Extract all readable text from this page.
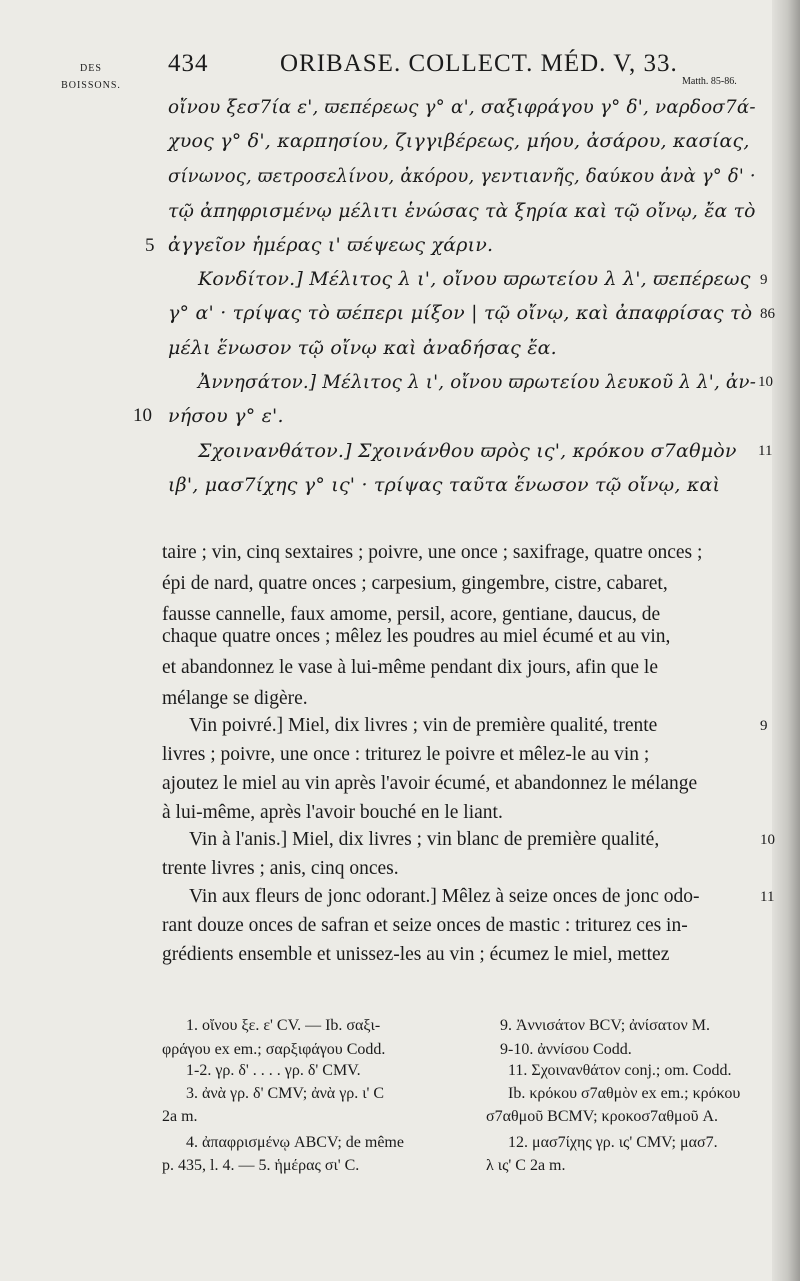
DES
BOISSONS.
434	ORIBASE. COLLECT. MÉD. V, 33.
Matth. 85-86.
οἴνου ξεσ7ία ε', ϖεπέρεως γ° α', σαξιφράγου γ° δ', ναρδοσ7ά-
χυος γ° δ', καρπησίου, ζιγγιβέρεως, μήου, ἀσάρου, κασίας,
σίνωνος, ϖετροσελίνου, ἀκόρου, γεντιανῆς, δαύκου ἀνὰ γ° δ' ·
τῷ ἀπηφρισμένῳ μέλιτι ἑνώσας τὰ ξηρία καὶ τῷ οἴνῳ, ἔα τὸ
ἀγγεῖον ἡμέρας ι' ϖέψεως χάριν.
Κονδίτον.] Μέλιτος λ ι', οἴνου ϖρωτείου λ λ', ϖεπέρεως
γ° α' · τρίψας τὸ ϖέπερι μίξον | τῷ οἴνῳ, καὶ ἀπαφρίσας τὸ
μέλι ἕνωσον τῷ οἴνῳ καὶ ἀναδήσας ἔα.
Ἀννησάτον.] Μέλιτος λ ι', οἴνου ϖρωτείου λευκοῦ λ λ', ἀν-
νήσου γ° ε'.
Σχοινανθάτον.] Σχοινάνθου ϖρὸς ις', κρόκου σ7αθμὸν
ιβ', μασ7ίχης γ° ις' · τρίψας ταῦτα ἕνωσον τῷ οἴνῳ, καὶ
5
10
9
86
10
11
taire ; vin, cinq sextaires ; poivre, une once ; saxifrage, quatre onces ;
épi de nard, quatre onces ; carpesium, gingembre, cistre, cabaret,
fausse cannelle, faux amome, persil, acore, gentiane, daucus, de
chaque quatre onces ; mêlez les poudres au miel écumé et au vin,
et abandonnez le vase à lui-même pendant dix jours, afin que le
mélange se digère.
Vin poivré.] Miel, dix livres ; vin de première qualité, trente
livres ; poivre, une once : triturez le poivre et mêlez-le au vin ;
ajoutez le miel au vin après l'avoir écumé, et abandonnez le mélange
à lui-même, après l'avoir bouché en le liant.
Vin à l'anis.] Miel, dix livres ; vin blanc de première qualité,
trente livres ; anis, cinq onces.
Vin aux fleurs de jonc odorant.] Mêlez à seize onces de jonc odo-
rant douze onces de safran et seize onces de mastic : triturez ces in-
grédients ensemble et unissez-les au vin ; écumez le miel, mettez
9
10
11
1. οἴνου ξε. ε' CV. — Ib. σαξι-
φράγου ex em.; σαρξιφάγου Codd.
1-2. γρ. δ' . . . . γρ. δ' CMV.
3. ἀνὰ γρ. δ' CMV; ἀνὰ γρ. ι' C
2a m.
4. ἀπαφρισμένῳ ABCV; de même
p. 435, l. 4. — 5. ἡμέρας σι' C.
9. Ἀννισάτον BCV; ἀνίσατον M.
9-10. ἀννίσου Codd.
11. Σχοινανθάτον conj.; om. Codd.
Ib. κρόκου σ7αθμὸν ex em.; κρόκου
σ7αθμοῦ BCMV; κροκοσ7αθμοῦ A.
12. μασ7ίχης γρ. ις' CMV; μασ7.
λ ις' C 2a m.
